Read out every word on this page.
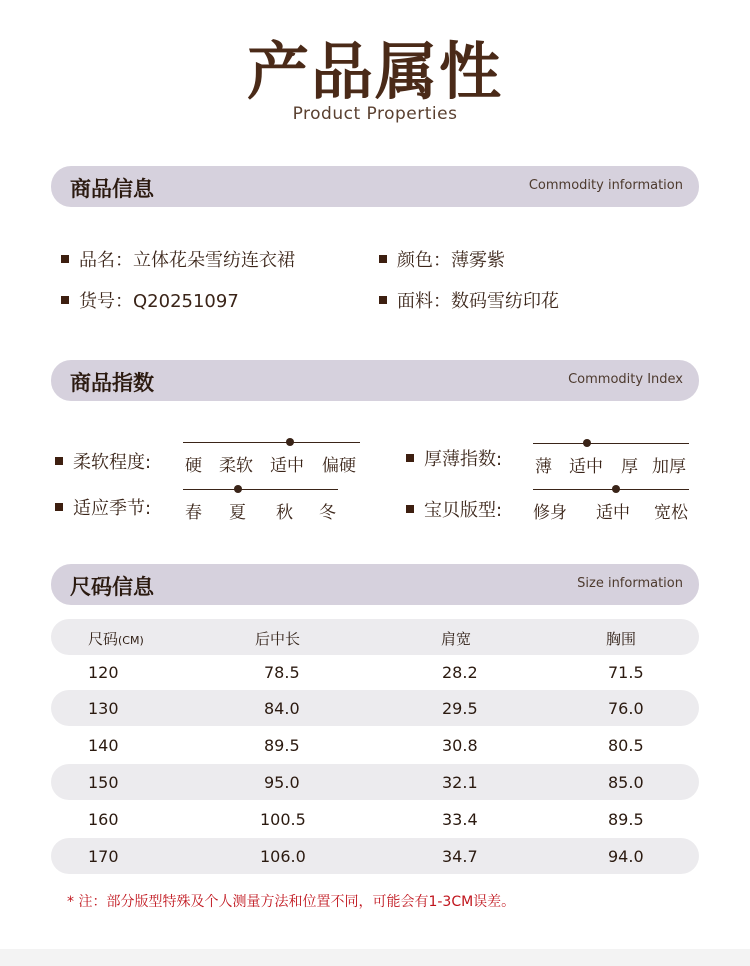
产品属性
Product Properties
商品信息	Commodity information
品名：立体花朵雪纺连衣裙	颜色：薄雾紫
货号：Q20251097	面料：数码雪纺印花
商品指数	Commodity Index
柔软程度: 硬 柔软 适中 偏硬	厚薄指数: 薄 适中 厚 加厚
适应季节: 春 夏 秋 冬	宝贝版型: 修身 适中 宽松
尺码信息	Size information
尺码(CM)	后中长	肩宽	胸围
120	78.5	28.2	71.5
130	84.0	29.5	76.0
140	89.5	30.8	80.5
150	95.0	32.1	85.0
160	100.5	33.4	89.5
170	106.0	34.7	94.0
* 注：部分版型特殊及个人测量方法和位置不同，可能会有1-3CM误差。
